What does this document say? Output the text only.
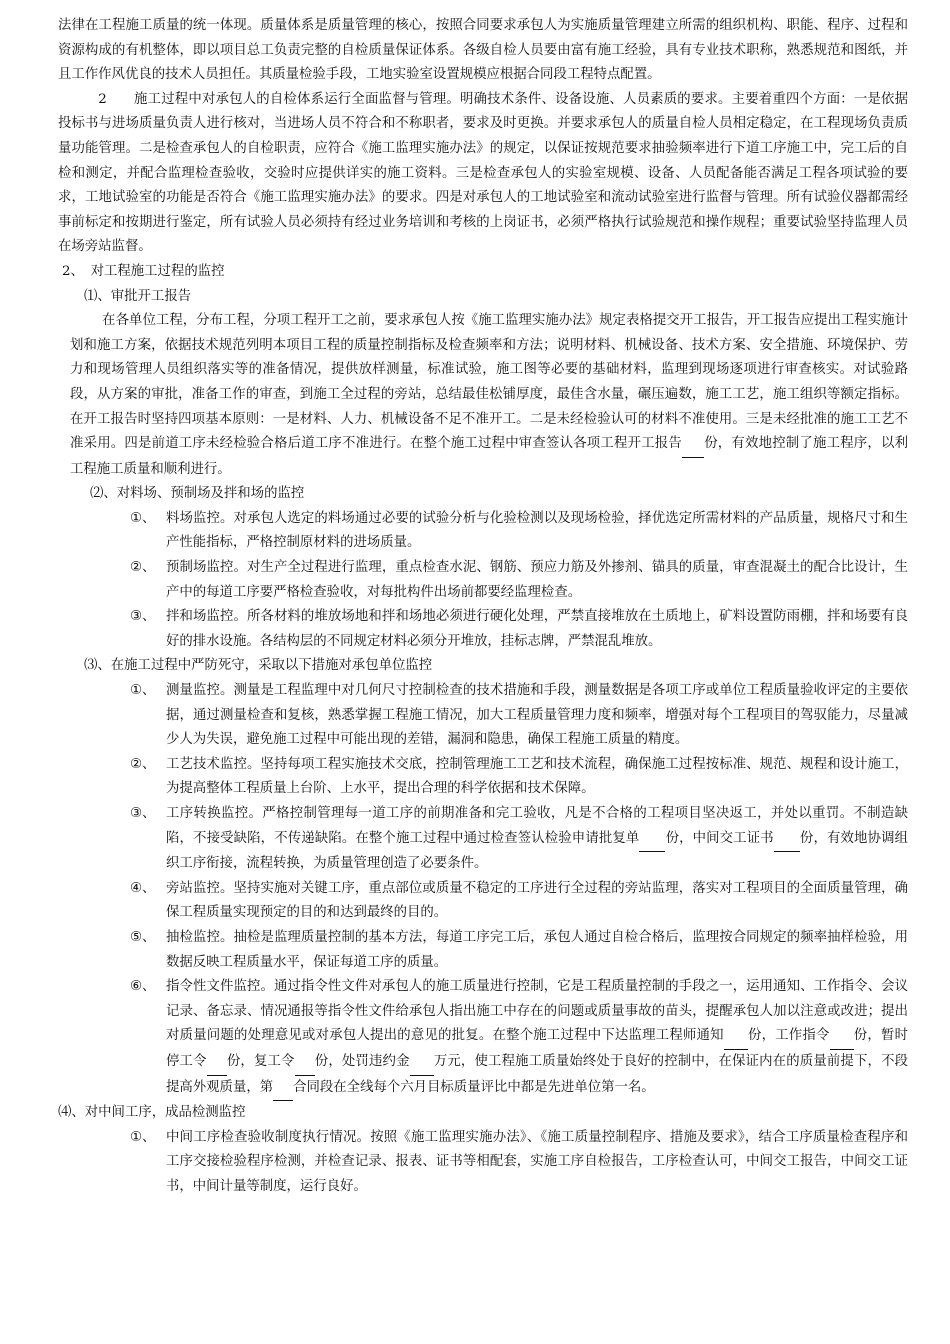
法律在工程施工质量的统一体现。质量体系是质量管理的核心，按照合同要求承包人为实施质量管理建立所需的组织机构、职能、程序、过程和资源构成的有机整体，即以项目总工负责完整的自检质量保证体系。各级自检人员要由富有施工经验，具有专业技术职称，熟悉规范和图纸，并且工作作风优良的技术人员担任。其质量检验手段，工地实验室设置规模应根据合同段工程特点配置。

2　　施工过程中对承包人的自检体系运行全面监督与管理。明确技术条件、设备设施、人员素质的要求。主要着重四个方面：一是依据投标书与进场质量负责人进行核对，当进场人员不符合和不称职者，要求及时更换。并要求承包人的质量自检人员相定稳定，在工程现场负责质量功能管理。二是检查承包人的自检职责，应符合《施工监理实施办法》的规定，以保证按规范要求抽验频率进行下道工序施工中，完工后的自检和测定，并配合监理检查验收，交验时应提供详实的施工资料。三是检查承包人的实验室规模、设备、人员配备能否满足工程各项试验的要求，工地试验室的功能是否符合《施工监理实施办法》的要求。四是对承包人的工地试验室和流动试验室进行监督与管理。所有试验仪器都需经事前标定和按期进行鉴定，所有试验人员必须持有经过业务培训和考核的上岗证书，必须严格执行试验规范和操作规程；重要试验坚持监理人员在场旁站监督。

2、　对工程施工过程的监控

⑴、审批开工报告

在各单位工程，分布工程，分项工程开工之前，要求承包人按《施工监理实施办法》规定表格提交开工报告，开工报告应提出工程实施计划和施工方案，依据技术规范列明本项目工程的质量控制指标及检查频率和方法；说明材料、机械设备、技术方案、安全措施、环境保护、劳力和现场管理人员组织落实等的准备情况，提供放样测量，标准试验，施工图等必要的基础材料，监理到现场逐项进行审查核实。对试验路段，从方案的审批，准备工作的审查，到施工全过程的旁站，总结最佳松铺厚度，最佳含水量，碾压遍数，施工工艺，施工组织等额定指标。在开工报告时坚持四项基本原则：一是材料、人力、机械设备不足不准开工。二是未经检验认可的材料不准使用。三是未经批准的施工工艺不准采用。四是前道工序未经检验合格后道工序不准进行。在整个施工过程中审查签认各项工程开工报告 份，有效地控制了施工程序，以利工程施工质量和顺利进行。

⑵、对料场、预制场及拌和场的监控

①、 料场监控。对承包人选定的料场通过必要的试验分析与化验检测以及现场检验，择优选定所需材料的产品质量，规格尺寸和生产性能指标，严格控制原材料的进场质量。
②、 预制场监控。对生产全过程进行监理，重点检查水泥、钢筋、预应力筋及外掺剂、锚具的质量，审查混凝土的配合比设计，生产中的每道工序要严格检查验收，对每批构件出场前都要经监理检查。
③、 拌和场监控。所各材料的堆放场地和拌和场地必须进行硬化处理，严禁直接堆放在土质地上，矿料设置防雨棚，拌和场要有良好的排水设施。各结构层的不同规定材料必须分开堆放，挂标志牌，严禁混乱堆放。

⑶、在施工过程中严防死守，采取以下措施对承包单位监控

①、 测量监控。测量是工程监理中对几何尺寸控制检查的技术措施和手段，测量数据是各项工序或单位工程质量验收评定的主要依据，通过测量检查和复核，熟悉掌握工程施工情况，加大工程质量管理力度和频率，增强对每个工程项目的驾驭能力，尽量减少人为失误，避免施工过程中可能出现的差错，漏洞和隐患，确保工程施工质量的精度。
②、 工艺技术监控。坚持每项工程实施技术交底，控制管理施工工艺和技术流程，确保施工过程按标准、规范、规程和设计施工，为提高整体工程质量上台阶、上水平，提出合理的科学依据和技术保障。
③、 工序转换监控。严格控制管理每一道工序的前期准备和完工验收，凡是不合格的工程项目坚决返工，并处以重罚。不制造缺陷，不接受缺陷，不传递缺陷。在整个施工过程中通过检查签认检验申请批复单 份，中间交工证书 份，有效地协调组织工序衔接，流程转换，为质量管理创造了必要条件。
④、 旁站监控。坚持实施对关键工序，重点部位或质量不稳定的工序进行全过程的旁站监理，落实对工程项目的全面质量管理，确保工程质量实现预定的目的和达到最终的目的。
⑤、 抽检监控。抽检是监理质量控制的基本方法，每道工序完工后，承包人通过自检合格后，监理按合同规定的频率抽样检验，用数据反映工程质量水平，保证每道工序的质量。
⑥、 指令性文件监控。通过指令性文件对承包人的施工质量进行控制，它是工程质量控制的手段之一，运用通知、工作指令、会议记录、备忘录、情况通报等指令性文件给承包人指出施工中存在的问题或质量事故的苗头，提醒承包人加以注意或改进；提出对质量问题的处理意见或对承包人提出的意见的批复。在整个施工过程中下达监理工程师通知 份，工作指令 份，暂时停工令 份，复工令 份，处罚违约金 万元，使工程施工质量始终处于良好的控制中，在保证内在的质量前提下，不段提高外观质量，第 合同段在全线每个六月目标质量评比中都是先进单位第一名。

⑷、对中间工序，成品检测监控

①、 中间工序检查验收制度执行情况。按照《施工监理实施办法》、《施工质量控制程序、措施及要求》，结合工序质量检查程序和工序交接检验程序检测，并检查记录、报表、证书等相配套，实施工序自检报告，工序检查认可，中间交工报告，中间交工证书，中间计量等制度，运行良好。
